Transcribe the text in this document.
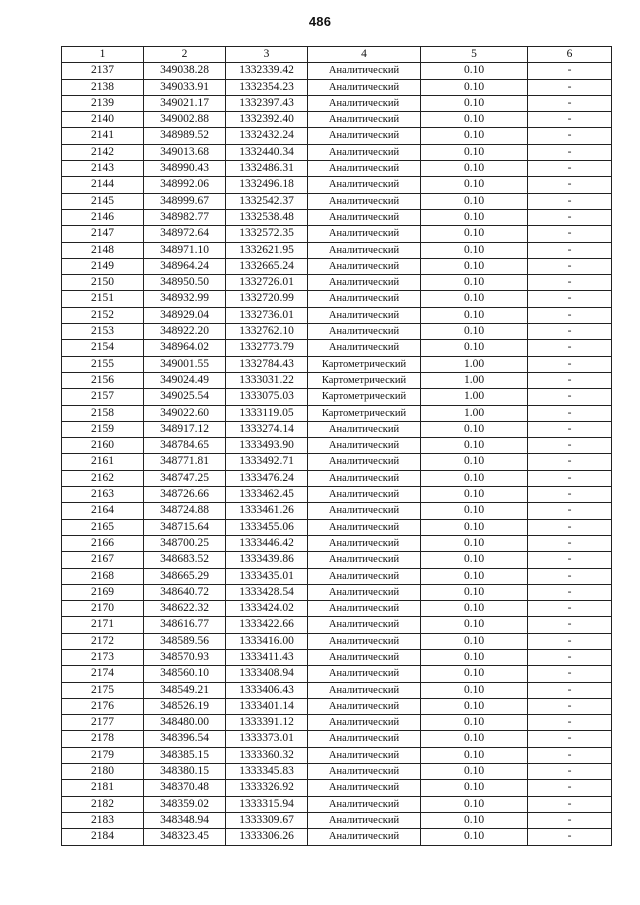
486
1	2	3	4	5	6
2137	349038.28	1332339.42	Аналитический	0.10	-
2138	349033.91	1332354.23	Аналитический	0.10	-
2139	349021.17	1332397.43	Аналитический	0.10	-
2140	349002.88	1332392.40	Аналитический	0.10	-
2141	348989.52	1332432.24	Аналитический	0.10	-
2142	349013.68	1332440.34	Аналитический	0.10	-
2143	348990.43	1332486.31	Аналитический	0.10	-
2144	348992.06	1332496.18	Аналитический	0.10	-
2145	348999.67	1332542.37	Аналитический	0.10	-
2146	348982.77	1332538.48	Аналитический	0.10	-
2147	348972.64	1332572.35	Аналитический	0.10	-
2148	348971.10	1332621.95	Аналитический	0.10	-
2149	348964.24	1332665.24	Аналитический	0.10	-
2150	348950.50	1332726.01	Аналитический	0.10	-
2151	348932.99	1332720.99	Аналитический	0.10	-
2152	348929.04	1332736.01	Аналитический	0.10	-
2153	348922.20	1332762.10	Аналитический	0.10	-
2154	348964.02	1332773.79	Аналитический	0.10	-
2155	349001.55	1332784.43	Картометрический	1.00	-
2156	349024.49	1333031.22	Картометрический	1.00	-
2157	349025.54	1333075.03	Картометрический	1.00	-
2158	349022.60	1333119.05	Картометрический	1.00	-
2159	348917.12	1333274.14	Аналитический	0.10	-
2160	348784.65	1333493.90	Аналитический	0.10	-
2161	348771.81	1333492.71	Аналитический	0.10	-
2162	348747.25	1333476.24	Аналитический	0.10	-
2163	348726.66	1333462.45	Аналитический	0.10	-
2164	348724.88	1333461.26	Аналитический	0.10	-
2165	348715.64	1333455.06	Аналитический	0.10	-
2166	348700.25	1333446.42	Аналитический	0.10	-
2167	348683.52	1333439.86	Аналитический	0.10	-
2168	348665.29	1333435.01	Аналитический	0.10	-
2169	348640.72	1333428.54	Аналитический	0.10	-
2170	348622.32	1333424.02	Аналитический	0.10	-
2171	348616.77	1333422.66	Аналитический	0.10	-
2172	348589.56	1333416.00	Аналитический	0.10	-
2173	348570.93	1333411.43	Аналитический	0.10	-
2174	348560.10	1333408.94	Аналитический	0.10	-
2175	348549.21	1333406.43	Аналитический	0.10	-
2176	348526.19	1333401.14	Аналитический	0.10	-
2177	348480.00	1333391.12	Аналитический	0.10	-
2178	348396.54	1333373.01	Аналитический	0.10	-
2179	348385.15	1333360.32	Аналитический	0.10	-
2180	348380.15	1333345.83	Аналитический	0.10	-
2181	348370.48	1333326.92	Аналитический	0.10	-
2182	348359.02	1333315.94	Аналитический	0.10	-
2183	348348.94	1333309.67	Аналитический	0.10	-
2184	348323.45	1333306.26	Аналитический	0.10	-
